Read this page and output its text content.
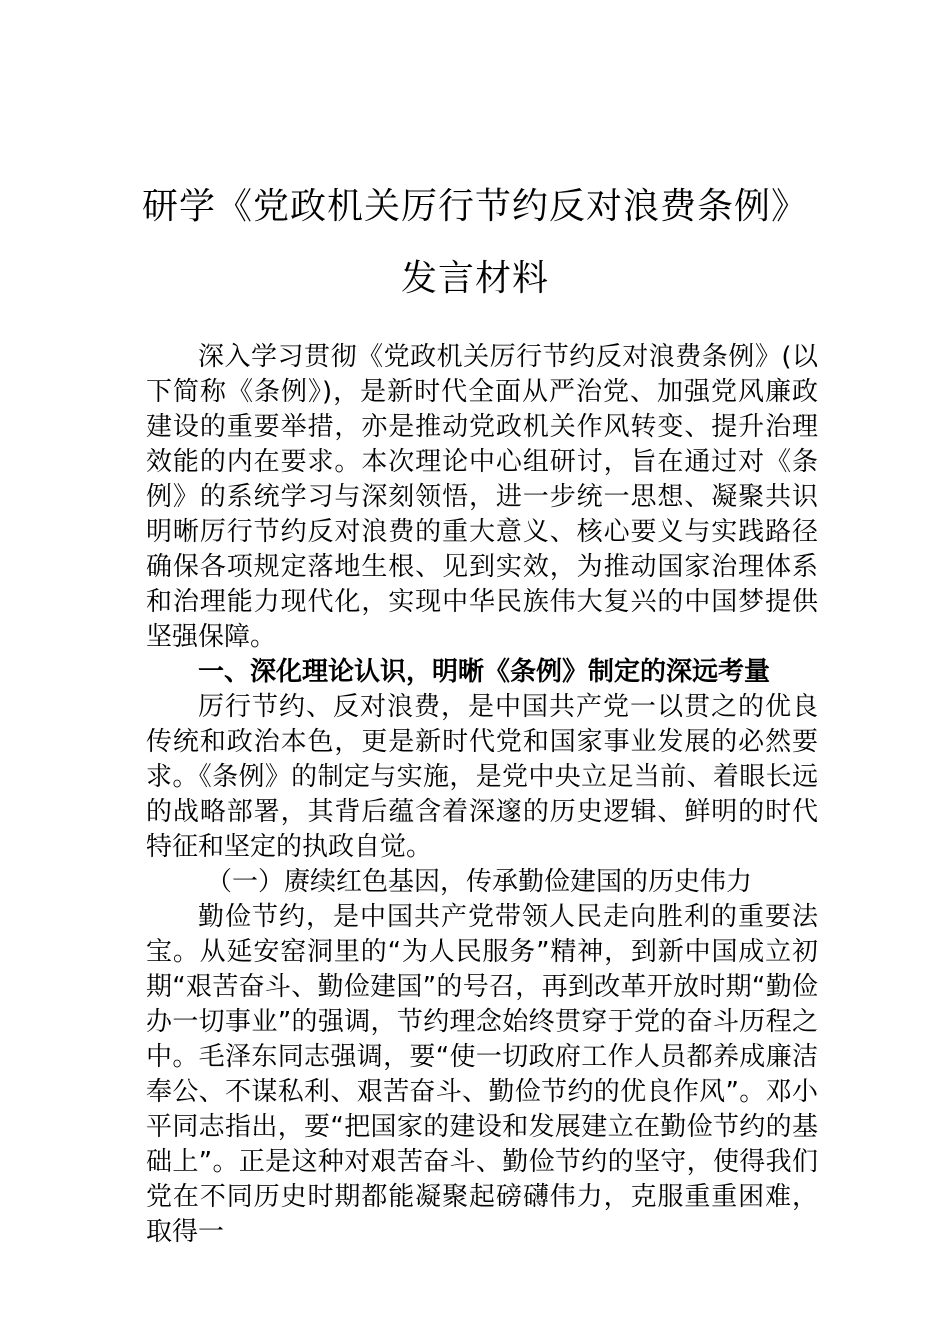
研学《党政机关厉行节约反对浪费条例》
发言材料

深入学习贯彻《党政机关厉行节约反对浪费条例》(以下简称《条例》)，是新时代全面从严治党、加强党风廉政建设的重要举措，亦是推动党政机关作风转变、提升治理效能的内在要求。本次理论中心组研讨，旨在通过对《条例》的系统学习与深刻领悟，进一步统一思想、凝聚共识明晰厉行节约反对浪费的重大意义、核心要义与实践路径确保各项规定落地生根、见到实效，为推动国家治理体系和治理能力现代化，实现中华民族伟大复兴的中国梦提供坚强保障。

一、深化理论认识，明晰《条例》制定的深远考量

厉行节约、反对浪费，是中国共产党一以贯之的优良传统和政治本色，更是新时代党和国家事业发展的必然要求。《条例》的制定与实施，是党中央立足当前、着眼长远的战略部署，其背后蕴含着深邃的历史逻辑、鲜明的时代特征和坚定的执政自觉。

（一）赓续红色基因，传承勤俭建国的历史伟力

勤俭节约，是中国共产党带领人民走向胜利的重要法宝。从延安窑洞里的“为人民服务”精神，到新中国成立初期“艰苦奋斗、勤俭建国”的号召，再到改革开放时期“勤俭办一切事业”的强调，节约理念始终贯穿于党的奋斗历程之中。毛泽东同志强调，要“使一切政府工作人员都养成廉洁奉公、不谋私利、艰苦奋斗、勤俭节约的优良作风”。邓小平同志指出，要“把国家的建设和发展建立在勤俭节约的基础上”。正是这种对艰苦奋斗、勤俭节约的坚守，使得我们党在不同历史时期都能凝聚起磅礴伟力，克服重重困难，取得一
